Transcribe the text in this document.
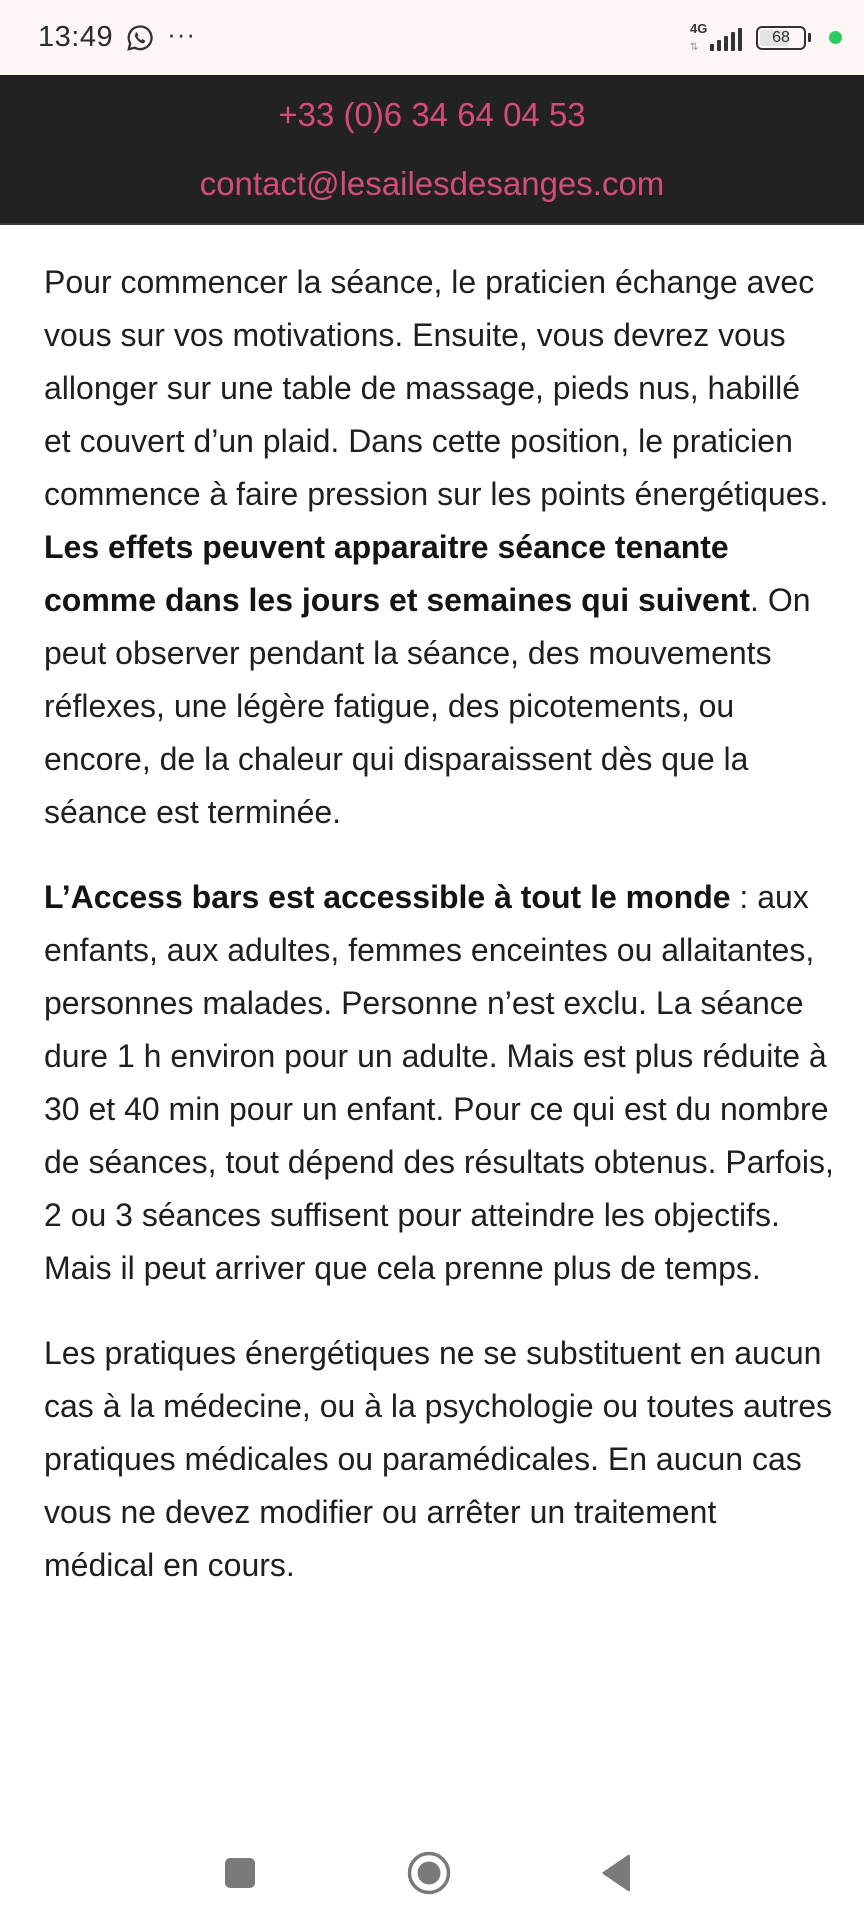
13:49 ···	4G
⇅
68
+33 (0)6 34 64 04 53
contact@lesailesdesanges.com

Pour commencer la séance, le praticien échange avec vous sur vos motivations. Ensuite, vous devrez vous allonger sur une table de massage, pieds nus, habillé et couvert d’un plaid. Dans cette position, le praticien commence à faire pression sur les points énergétiques. Les effets peuvent apparaitre séance tenante comme dans les jours et semaines qui suivent. On peut observer pendant la séance, des mouvements réflexes, une légère fatigue, des picotements, ou encore, de la chaleur qui disparaissent dès que la séance est terminée.

L’Access bars est accessible à tout le monde : aux enfants, aux adultes, femmes enceintes ou allaitantes, personnes malades. Personne n’est exclu. La séance dure 1 h environ pour un adulte. Mais est plus réduite à 30 et 40 min pour un enfant. Pour ce qui est du nombre de séances, tout dépend des résultats obtenus. Parfois, 2 ou 3 séances suffisent pour atteindre les objectifs. Mais il peut arriver que cela prenne plus de temps.

Les pratiques énergétiques ne se substituent en aucun cas à la médecine, ou à la psychologie ou toutes autres pratiques médicales ou paramédicales. En aucun cas vous ne devez modifier ou arrêter un traitement médical en cours.
